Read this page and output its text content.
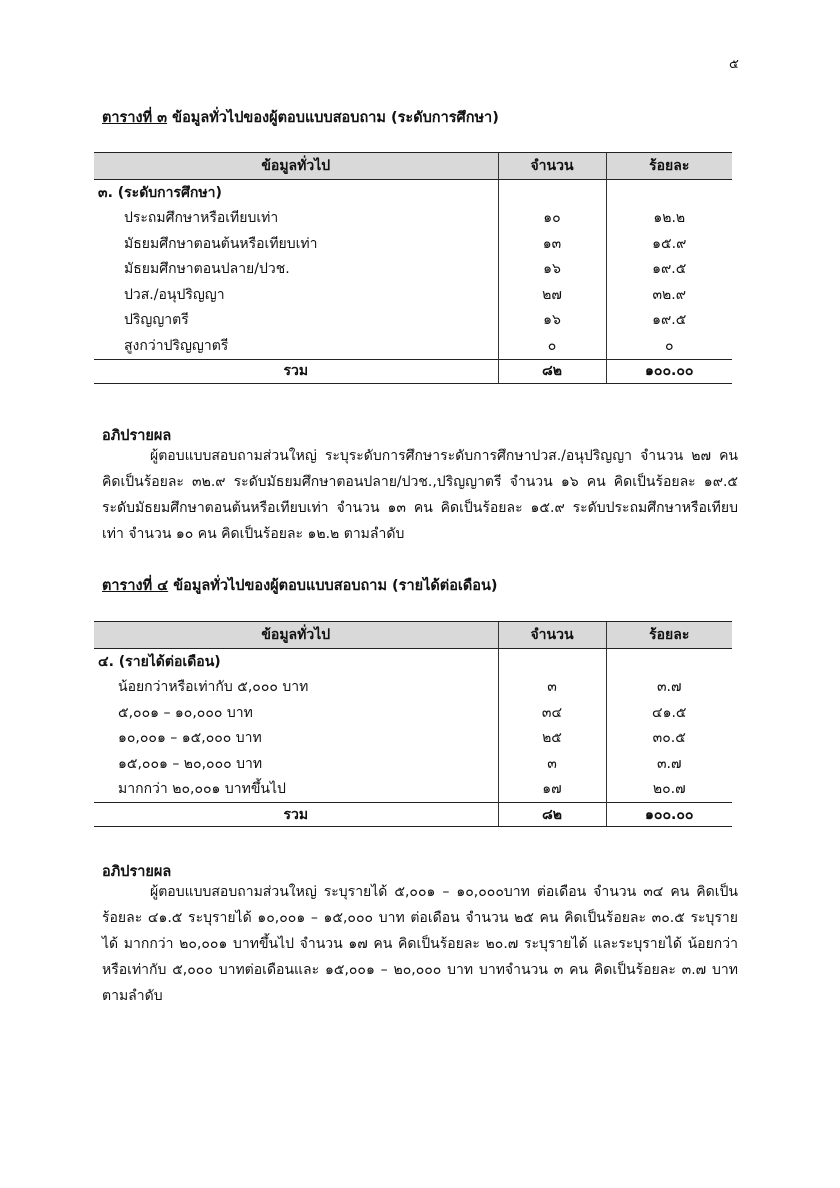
๕
ตารางที่ ๓ ข้อมูลทั่วไปของผู้ตอบแบบสอบถาม (ระดับการศึกษา)
ข้อมูลทั่วไป	จำนวน	ร้อยละ
๓. (ระดับการศึกษา)		
ประถมศึกษาหรือเทียบเท่า	๑๐	๑๒.๒
มัธยมศึกษาตอนต้นหรือเทียบเท่า	๑๓	๑๕.๙
มัธยมศึกษาตอนปลาย/ปวช.	๑๖	๑๙.๕
ปวส./อนุปริญญา	๒๗	๓๒.๙
ปริญญาตรี	๑๖	๑๙.๕
สูงกว่าปริญญาตรี	๐	๐
รวม	๘๒	๑๐๐.๐๐
อภิปรายผล

ผู้ตอบแบบสอบถามส่วนใหญ่ ระบุระดับการศึกษาระดับการศึกษาปวส./อนุปริญญา จำนวน ๒๗ คน คิดเป็นร้อยละ ๓๒.๙ ระดับมัธยมศึกษาตอนปลาย/ปวช.,ปริญญาตรี จำนวน ๑๖ คน คิดเป็นร้อยละ ๑๙.๕ ระดับมัธยมศึกษาตอนต้นหรือเทียบเท่า จำนวน ๑๓ คน คิดเป็นร้อยละ ๑๕.๙ ระดับประถมศึกษาหรือเทียบเท่า จำนวน ๑๐ คน คิดเป็นร้อยละ ๑๒.๒ ตามลำดับ

ตารางที่ ๔ ข้อมูลทั่วไปของผู้ตอบแบบสอบถาม (รายได้ต่อเดือน)
ข้อมูลทั่วไป	จำนวน	ร้อยละ
๔. (รายได้ต่อเดือน)		
น้อยกว่าหรือเท่ากับ ๕,๐๐๐ บาท	๓	๓.๗
๕,๐๐๑ – ๑๐,๐๐๐ บาท	๓๔	๔๑.๕
๑๐,๐๐๑ – ๑๕,๐๐๐ บาท	๒๕	๓๐.๕
๑๕,๐๐๑ – ๒๐,๐๐๐ บาท	๓	๓.๗
มากกว่า ๒๐,๐๐๑ บาทขึ้นไป	๑๗	๒๐.๗
รวม	๘๒	๑๐๐.๐๐
อภิปรายผล

ผู้ตอบแบบสอบถามส่วนใหญ่ ระบุรายได้ ๕,๐๐๑ – ๑๐,๐๐๐บาท ต่อเดือน จำนวน ๓๔ คน คิดเป็นร้อยละ ๔๑.๕ ระบุรายได้ ๑๐,๐๐๑ – ๑๕,๐๐๐ บาท ต่อเดือน จำนวน ๒๕ คน คิดเป็นร้อยละ ๓๐.๕ ระบุรายได้ มากกว่า ๒๐,๐๐๑ บาทขึ้นไป จำนวน ๑๗ คน คิดเป็นร้อยละ ๒๐.๗ ระบุรายได้ และระบุรายได้ น้อยกว่าหรือเท่ากับ ๕,๐๐๐ บาทต่อเดือนและ ๑๕,๐๐๑ – ๒๐,๐๐๐ บาท บาทจำนวน ๓ คน คิดเป็นร้อยละ ๓.๗ บาทตามลำดับ
